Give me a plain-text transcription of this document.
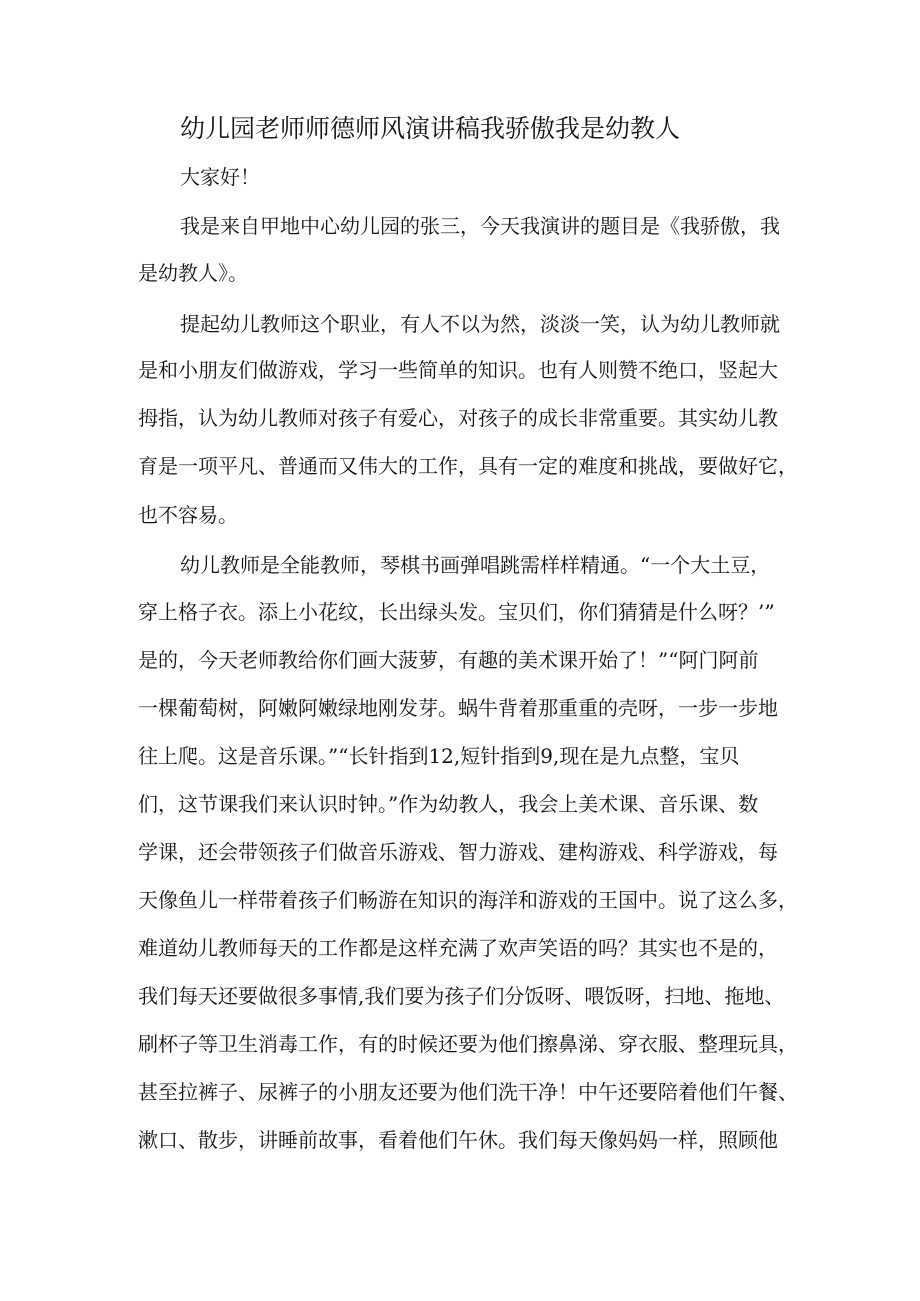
幼儿园老师师德师风演讲稿我骄傲我是幼教人

大家好！

我是来自甲地中心幼儿园的张三，今天我演讲的题目是《我骄傲，我

是幼教人》。

提起幼儿教师这个职业，有人不以为然，淡淡一笑，认为幼儿教师就

是和小朋友们做游戏，学习一些简单的知识。也有人则赞不绝口，竖起大

拇指，认为幼儿教师对孩子有爱心，对孩子的成长非常重要。其实幼儿教

育是一项平凡、普通而又伟大的工作，具有一定的难度和挑战，要做好它，

也不容易。

幼儿教师是全能教师，琴棋书画弹唱跳需样样精通。“一个大土豆，

穿上格子衣。添上小花纹，长出绿头发。宝贝们，你们猜猜是什么呀？’”

是的，今天老师教给你们画大菠萝，有趣的美术课开始了！”“阿门阿前

一棵葡萄树，阿嫩阿嫩绿地刚发芽。蜗牛背着那重重的壳呀，一步一步地

往上爬。这是音乐课。”“长针指到12,短针指到9,现在是九点整，宝贝

们，这节课我们来认识时钟。”作为幼教人，我会上美术课、音乐课、数

学课，还会带领孩子们做音乐游戏、智力游戏、建构游戏、科学游戏，每

天像鱼儿一样带着孩子们畅游在知识的海洋和游戏的王国中。说了这么多，

难道幼儿教师每天的工作都是这样充满了欢声笑语的吗？其实也不是的，

我们每天还要做很多事情,我们要为孩子们分饭呀、喂饭呀，扫地、拖地、

刷杯子等卫生消毒工作，有的时候还要为他们擦鼻涕、穿衣服、整理玩具，

甚至拉裤子、尿裤子的小朋友还要为他们洗干净！中午还要陪着他们午餐、

漱口、散步，讲睡前故事，看着他们午休。我们每天像妈妈一样，照顾他
